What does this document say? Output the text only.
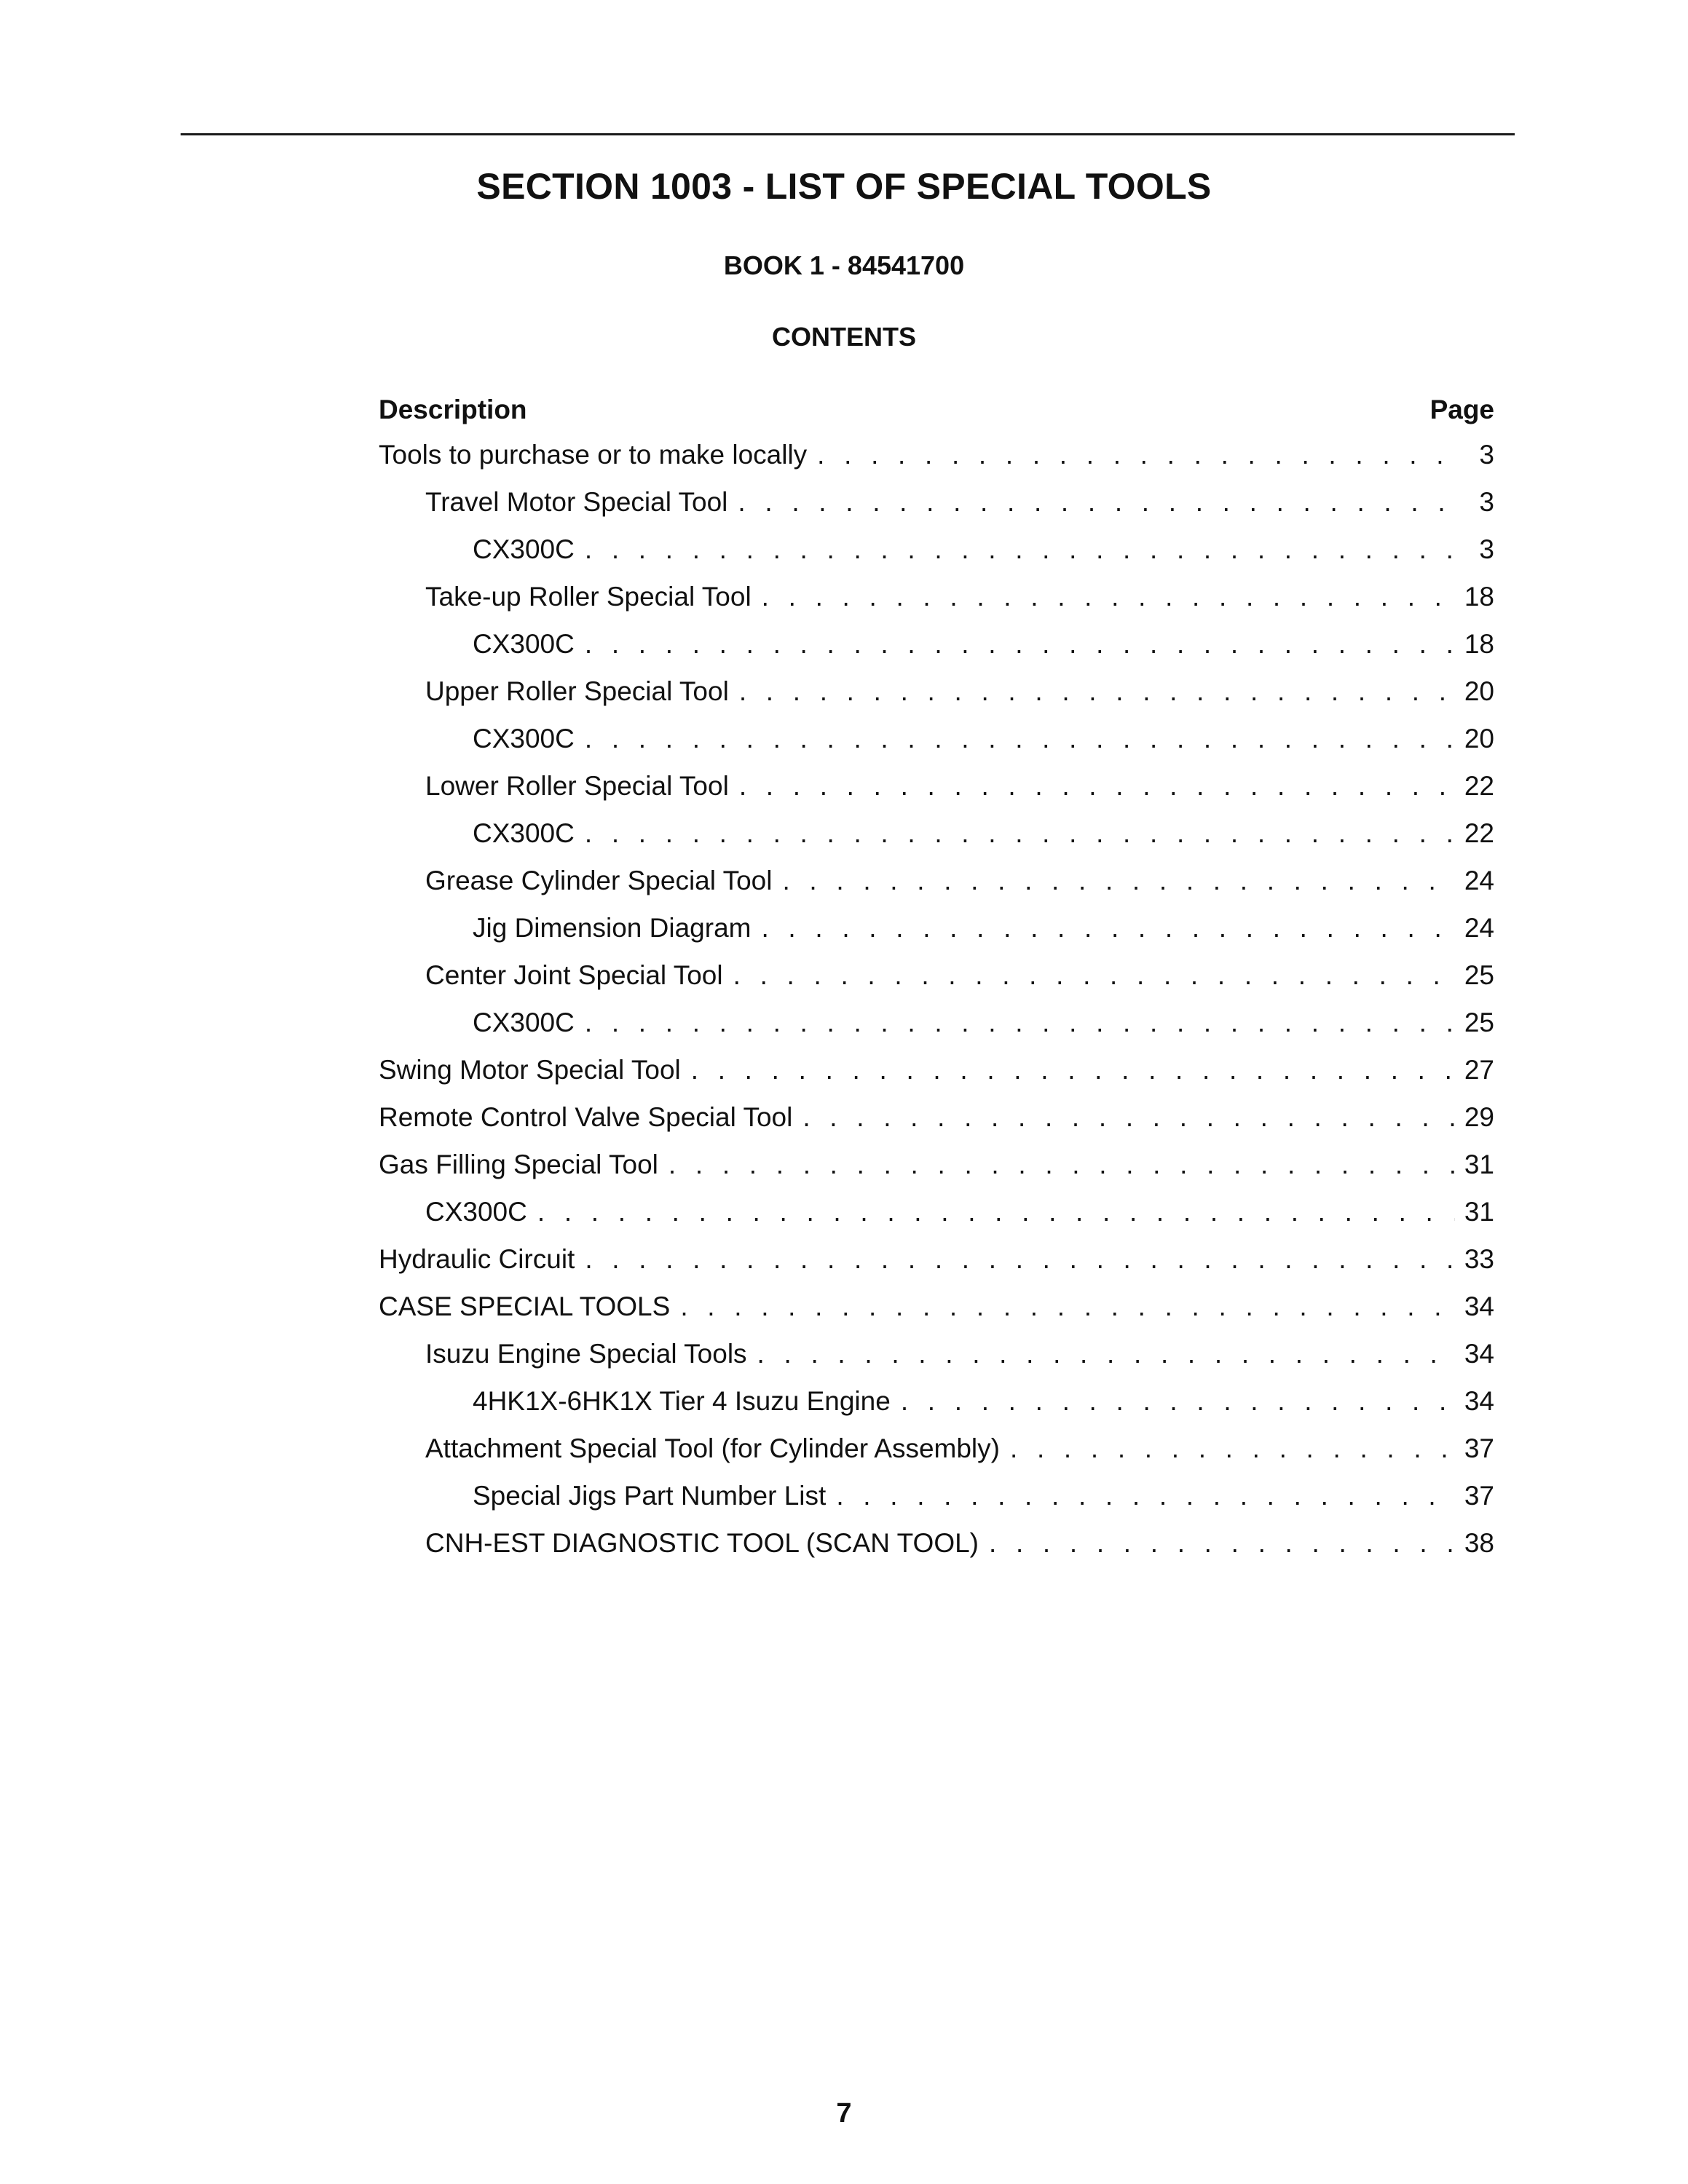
SECTION 1003 - LIST OF SPECIAL TOOLS
BOOK 1 - 84541700
CONTENTS
Description	Page
Tools to purchase or to make locally . . .	3
Travel Motor Special Tool . . .	3
CX300C . . .	3
Take-up Roller Special Tool . . .	18
CX300C . . .	18
Upper Roller Special Tool . . .	20
CX300C . . .	20
Lower Roller Special Tool . . .	22
CX300C . . .	22
Grease Cylinder Special Tool . . .	24
Jig Dimension Diagram . . .	24
Center Joint Special Tool . . .	25
CX300C . . .	25
Swing Motor Special Tool . . .	27
Remote Control Valve Special Tool . . .	29
Gas Filling Special Tool . . .	31
CX300C . . .	31
Hydraulic Circuit . . .	33
CASE SPECIAL TOOLS . . .	34
Isuzu Engine Special Tools . . .	34
4HK1X-6HK1X Tier 4 Isuzu Engine . . .	34
Attachment Special Tool (for Cylinder Assembly) . . .	37
Special Jigs Part Number List . . .	37
CNH-EST DIAGNOSTIC TOOL (SCAN TOOL) . . .	38
7
